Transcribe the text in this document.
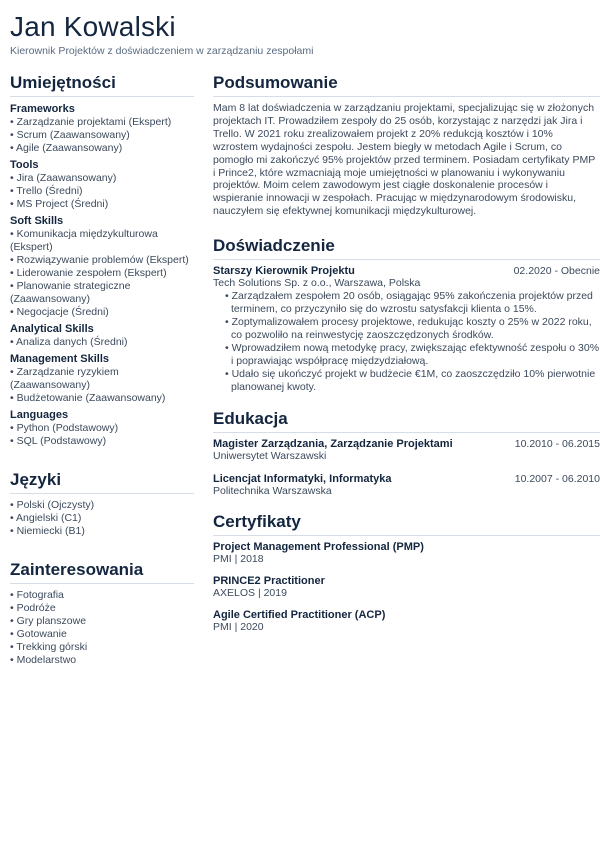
Jan Kowalski
Kierownik Projektów z doświadczeniem w zarządzaniu zespołami
Umiejętności
Frameworks
• Zarządzanie projektami (Ekspert)
• Scrum (Zaawansowany)
• Agile (Zaawansowany)
Tools
• Jira (Zaawansowany)
• Trello (Średni)
• MS Project (Średni)
Soft Skills
• Komunikacja międzykulturowa (Ekspert)
• Rozwiązywanie problemów (Ekspert)
• Liderowanie zespołem (Ekspert)
• Planowanie strategiczne (Zaawansowany)
• Negocjacje (Średni)
Analytical Skills
• Analiza danych (Średni)
Management Skills
• Zarządzanie ryzykiem (Zaawansowany)
• Budżetowanie (Zaawansowany)
Languages
• Python (Podstawowy)
• SQL (Podstawowy)
Języki
• Polski (Ojczysty)
• Angielski (C1)
• Niemiecki (B1)
Zainteresowania
• Fotografia
• Podróże
• Gry planszowe
• Gotowanie
• Trekking górski
• Modelarstwo
Podsumowanie
Mam 8 lat doświadczenia w zarządzaniu projektami, specjalizując się w złożonych projektach IT. Prowadziłem zespoły do 25 osób, korzystając z narzędzi jak Jira i Trello. W 2021 roku zrealizowałem projekt z 20% redukcją kosztów i 10% wzrostem wydajności zespołu. Jestem biegły w metodach Agile i Scrum, co pomogło mi zakończyć 95% projektów przed terminem. Posiadam certyfikaty PMP i Prince2, które wzmacniają moje umiejętności w planowaniu i wykonywaniu projektów. Moim celem zawodowym jest ciągłe doskonalenie procesów i wspieranie innowacji w zespołach. Pracując w międzynarodowym środowisku, nauczyłem się efektywnej komunikacji międzykulturowej.
Doświadczenie
Starszy Kierownik Projektu	02.2020 - Obecnie
Tech Solutions Sp. z o.o., Warszawa, Polska
• Zarządzałem zespołem 20 osób, osiągając 95% zakończenia projektów przed terminem, co przyczyniło się do wzrostu satysfakcji klienta o 15%.
• Zoptymalizowałem procesy projektowe, redukując koszty o 25% w 2022 roku, co pozwoliło na reinwestycję zaoszczędzonych środków.
• Wprowadziłem nową metodykę pracy, zwiększając efektywność zespołu o 30% i poprawiając współpracę międzydziałową.
• Udało się ukończyć projekt w budżecie €1M, co zaoszczędziło 10% pierwotnie planowanej kwoty.
Edukacja
Magister Zarządzania, Zarządzanie Projektami	10.2010 - 06.2015
Uniwersytet Warszawski
Licencjat Informatyki, Informatyka	10.2007 - 06.2010
Politechnika Warszawska
Certyfikaty
Project Management Professional (PMP)
PMI | 2018
PRINCE2 Practitioner
AXELOS | 2019
Agile Certified Practitioner (ACP)
PMI | 2020
